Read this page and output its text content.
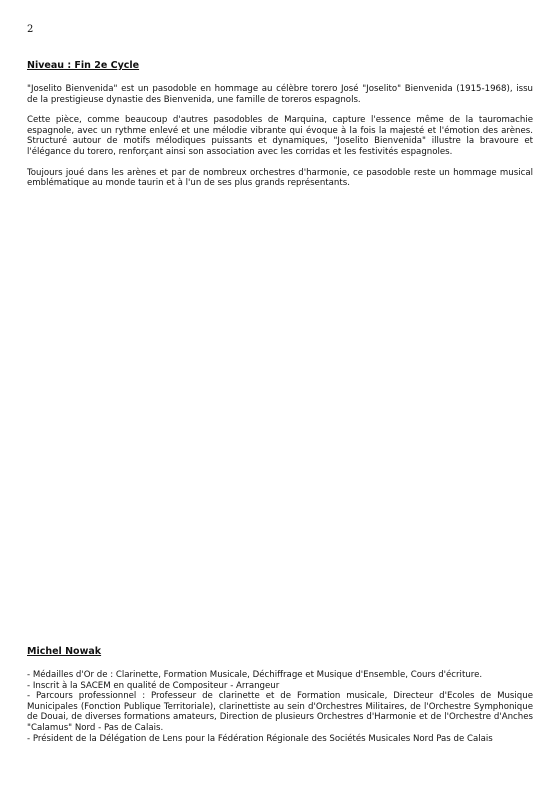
2
Niveau : Fin 2e Cycle

"Joselito Bienvenida" est un pasodoble en hommage au célèbre torero José "Joselito" Bienvenida (1915-1968), issu de la prestigieuse dynastie des Bienvenida, une famille de toreros espagnols.

Cette pièce, comme beaucoup d'autres pasodobles de Marquina, capture l'essence même de la tauromachie espagnole, avec un rythme enlevé et une mélodie vibrante qui évoque à la fois la majesté et l'émotion des arènes. Structuré autour de motifs mélodiques puissants et dynamiques, "Joselito Bienvenida" illustre la bravoure et l'élégance du torero, renforçant ainsi son association avec les corridas et les festivités espagnoles.

Toujours joué dans les arènes et par de nombreux orchestres d'harmonie, ce pasodoble reste un hommage musical emblématique au monde taurin et à l'un de ses plus grands représentants.

Michel Nowak
- Médailles d'Or de : Clarinette, Formation Musicale, Déchiffrage et Musique d'Ensemble, Cours d'écriture.
- Inscrit à la SACEM en qualité de Compositeur - Arrangeur
- Parcours professionnel : Professeur de clarinette et de Formation musicale, Directeur d'Ecoles de Musique Municipales (Fonction Publique Territoriale), clarinettiste au sein d'Orchestres Militaires, de l'Orchestre Symphonique de Douai, de diverses formations amateurs, Direction de plusieurs Orchestres d'Harmonie et de l'Orchestre d'Anches "Calamus" Nord - Pas de Calais.
- Président de la Délégation de Lens pour la Fédération Régionale des Sociétés Musicales Nord Pas de Calais
